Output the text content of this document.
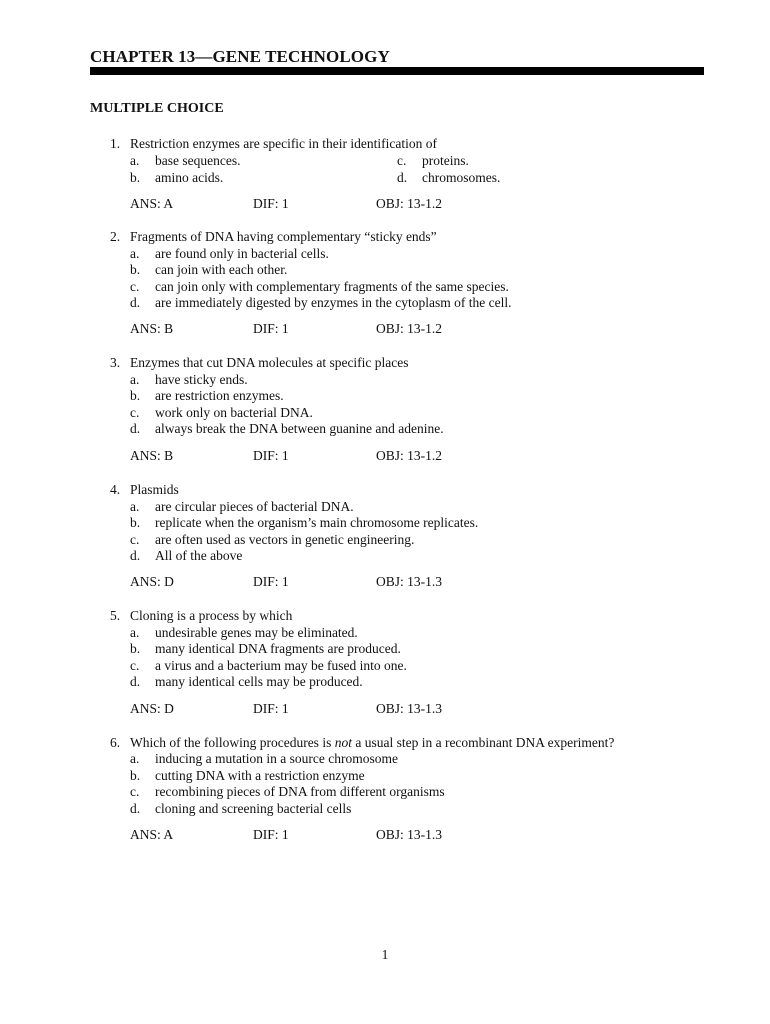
CHAPTER 13—GENE TECHNOLOGY
MULTIPLE CHOICE
1. Restriction enzymes are specific in their identification of
a. base sequences.
b. amino acids.
c. proteins.
d. chromosomes.
ANS: A	DIF: 1	OBJ: 13-1.2
2. Fragments of DNA having complementary “sticky ends”
a. are found only in bacterial cells.
b. can join with each other.
c. can join only with complementary fragments of the same species.
d. are immediately digested by enzymes in the cytoplasm of the cell.
ANS: B	DIF: 1	OBJ: 13-1.2
3. Enzymes that cut DNA molecules at specific places
a. have sticky ends.
b. are restriction enzymes.
c. work only on bacterial DNA.
d. always break the DNA between guanine and adenine.
ANS: B	DIF: 1	OBJ: 13-1.2
4. Plasmids
a. are circular pieces of bacterial DNA.
b. replicate when the organism’s main chromosome replicates.
c. are often used as vectors in genetic engineering.
d. All of the above
ANS: D	DIF: 1	OBJ: 13-1.3
5. Cloning is a process by which
a. undesirable genes may be eliminated.
b. many identical DNA fragments are produced.
c. a virus and a bacterium may be fused into one.
d. many identical cells may be produced.
ANS: D	DIF: 1	OBJ: 13-1.3
6. Which of the following procedures is not a usual step in a recombinant DNA experiment?
a. inducing a mutation in a source chromosome
b. cutting DNA with a restriction enzyme
c. recombining pieces of DNA from different organisms
d. cloning and screening bacterial cells
ANS: A	DIF: 1	OBJ: 13-1.3
1
